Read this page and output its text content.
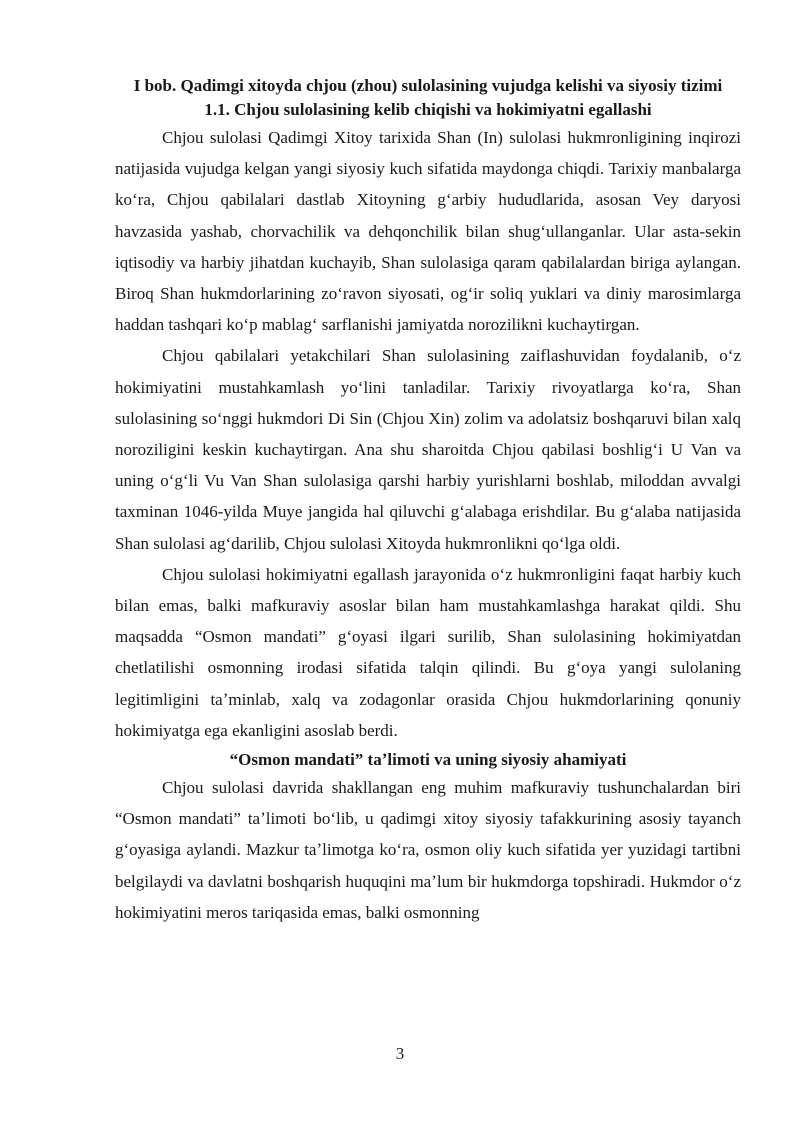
I bob. Qadimgi xitoyda chjou (zhou) sulolasining vujudga kelishi va siyosiy tizimi

1.1. Chjou sulolasining kelib chiqishi va hokimiyatni egallashi

Chjou sulolasi Qadimgi Xitoy tarixida Shan (In) sulolasi hukmronligining inqirozi natijasida vujudga kelgan yangi siyosiy kuch sifatida maydonga chiqdi. Tarixiy manbalarga koʻra, Chjou qabilalari dastlab Xitoyning gʻarbiy hududlarida, asosan Vey daryosi havzasida yashab, chorvachilik va dehqonchilik bilan shugʻullanganlar. Ular asta-sekin iqtisodiy va harbiy jihatdan kuchayib, Shan sulolasiga qaram qabilalardan biriga aylangan. Biroq Shan hukmdorlarining zoʻravon siyosati, ogʻir soliq yuklari va diniy marosimlarga haddan tashqari koʻp mablagʻ sarflanishi jamiyatda norozilikni kuchaytirgan.

Chjou qabilalari yetakchilari Shan sulolasining zaiflashuvidan foydalanib, oʻz hokimiyatini mustahkamlash yoʻlini tanladilar. Tarixiy rivoyatlarga koʻra, Shan sulolasining soʻnggi hukmdori Di Sin (Chjou Xin) zolim va adolatsiz boshqaruvi bilan xalq noroziligini keskin kuchaytirgan. Ana shu sharoitda Chjou qabilasi boshligʻi U Van va uning oʻgʻli Vu Van Shan sulolasiga qarshi harbiy yurishlarni boshlab, miloddan avvalgi taxminan 1046-yilda Muye jangida hal qiluvchi gʻalabaga erishdilar. Bu gʻalaba natijasida Shan sulolasi agʻdarilib, Chjou sulolasi Xitoyda hukmronlikni qoʻlga oldi.

Chjou sulolasi hokimiyatni egallash jarayonida oʻz hukmronligini faqat harbiy kuch bilan emas, balki mafkuraviy asoslar bilan ham mustahkamlashga harakat qildi. Shu maqsadda “Osmon mandati” gʻoyasi ilgari surilib, Shan sulolasining hokimiyatdan chetlatilishi osmonning irodasi sifatida talqin qilindi. Bu gʻoya yangi sulolaning legitimligini taʼminlab, xalq va zodagonlar orasida Chjou hukmdorlarining qonuniy hokimiyatga ega ekanligini asoslab berdi.

“Osmon mandati” taʼlimoti va uning siyosiy ahamiyati

Chjou sulolasi davrida shakllangan eng muhim mafkuraviy tushunchalardan biri “Osmon mandati” taʼlimoti boʻlib, u qadimgi xitoy siyosiy tafakkurining asosiy tayanch gʻoyasiga aylandi. Mazkur taʼlimotga koʻra, osmon oliy kuch sifatida yer yuzidagi tartibni belgilaydi va davlatni boshqarish huquqini maʼlum bir hukmdorga topshiradi. Hukmdor oʻz hokimiyatini meros tariqasida emas, balki osmonning

3
